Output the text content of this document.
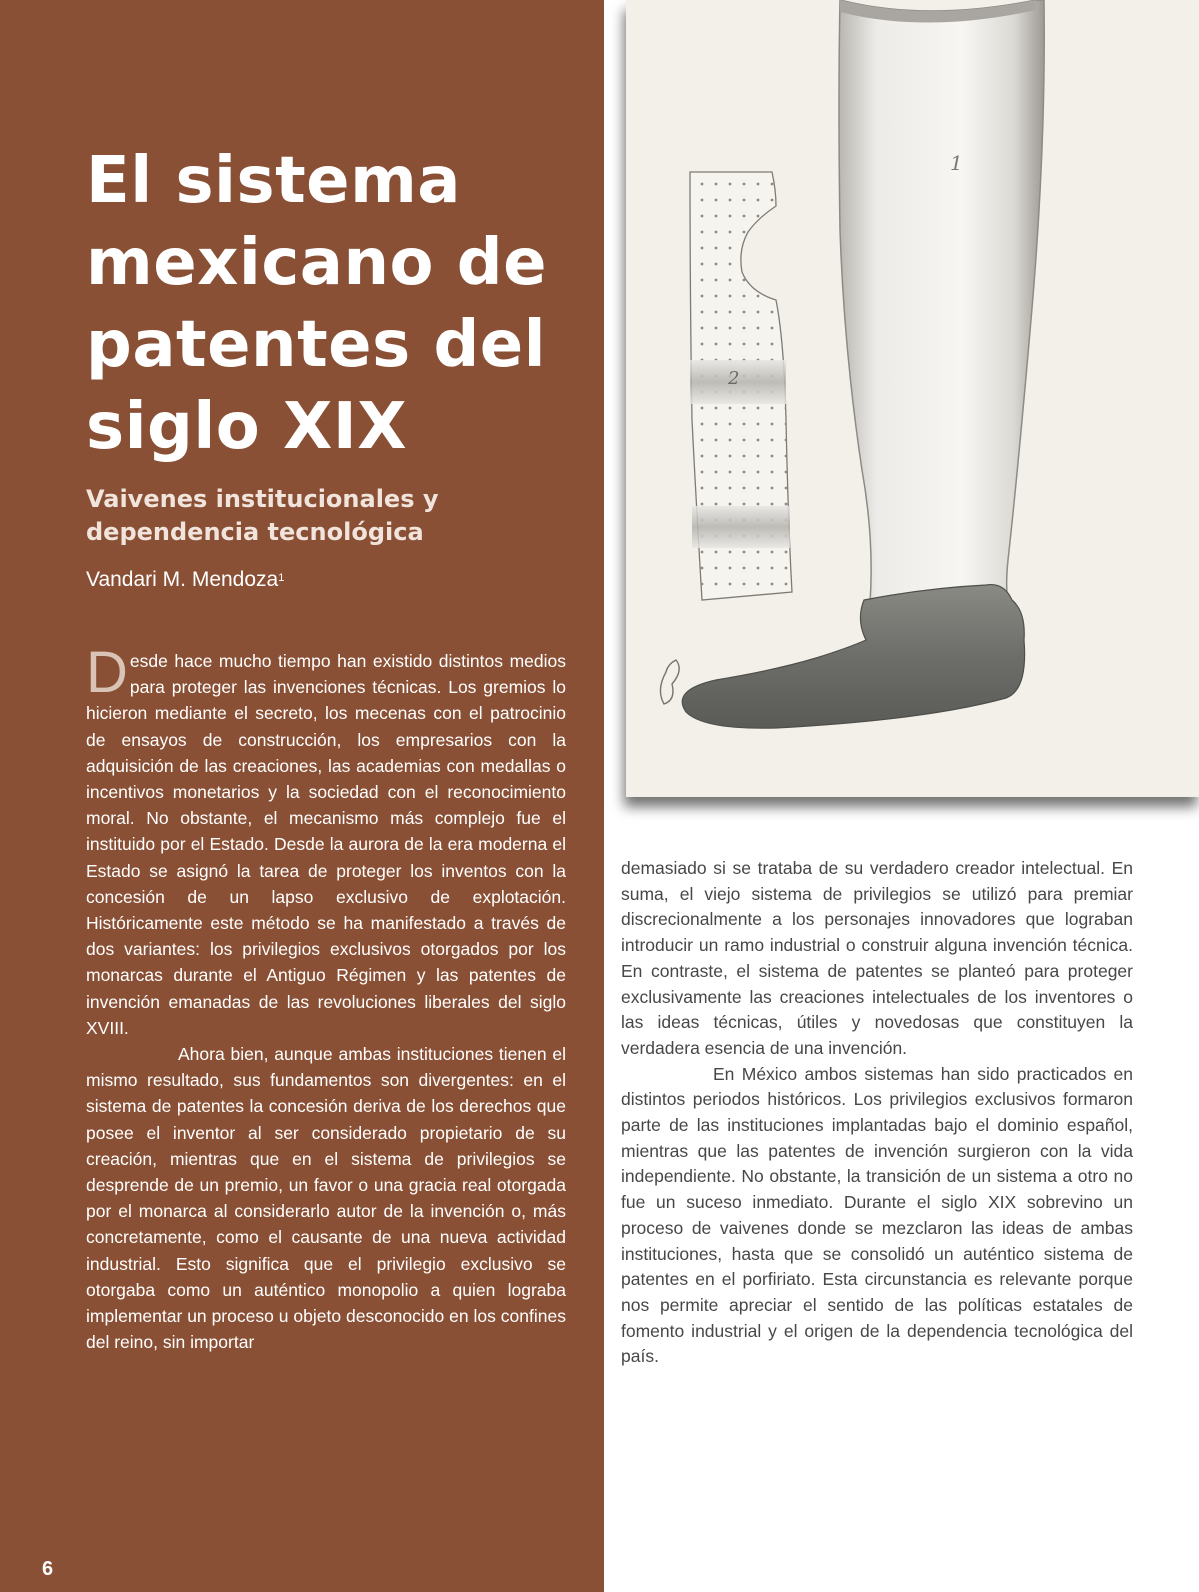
El sistema mexicano de patentes del siglo XIX
Vaivenes institucionales y dependencia tecnológica
Vandari M. Mendoza$^1$

Desde hace mucho tiempo han existido distintos medios para proteger las invenciones técnicas. Los gremios lo hicieron mediante el secreto, los mecenas con el patrocinio de ensayos de construcción, los empresarios con la adquisición de las creaciones, las academias con medallas o incentivos monetarios y la sociedad con el reconocimiento moral. No obstante, el mecanismo más complejo fue el instituido por el Estado. Desde la aurora de la era moderna el Estado se asignó la tarea de proteger los inventos con la concesión de un lapso exclusivo de explotación. Históricamente este método se ha manifestado a través de dos variantes: los privilegios exclusivos otorgados por los monarcas durante el Antiguo Régimen y las patentes de invención emanadas de las revoluciones liberales del siglo XVIII.

Ahora bien, aunque ambas instituciones tienen el mismo resultado, sus fundamentos son divergentes: en el sistema de patentes la concesión deriva de los derechos que posee el inventor al ser considerado propietario de su creación, mientras que en el sistema de privilegios se desprende de un premio, un favor o una gracia real otorgada por el monarca al considerarlo autor de la invención o, más concretamente, como el causante de una nueva actividad industrial. Esto significa que el privilegio exclusivo se otorgaba como un auténtico monopolio a quien lograba implementar un proceso u objeto desconocido en los confines del reino, sin importar

6
1
2

demasiado si se trataba de su verdadero creador intelectual. En suma, el viejo sistema de privilegios se utilizó para premiar discrecionalmente a los personajes innovadores que lograban introducir un ramo industrial o construir alguna invención técnica. En contraste, el sistema de patentes se planteó para proteger exclusivamente las creaciones intelectuales de los inventores o las ideas técnicas, útiles y novedosas que constituyen la verdadera esencia de una invención.

En México ambos sistemas han sido practicados en distintos periodos históricos. Los privilegios exclusivos formaron parte de las instituciones implantadas bajo el dominio español, mientras que las patentes de invención surgieron con la vida independiente. No obstante, la transición de un sistema a otro no fue un suceso inmediato. Durante el siglo XIX sobrevino un proceso de vaivenes donde se mezclaron las ideas de ambas instituciones, hasta que se consolidó un auténtico sistema de patentes en el porfiriato. Esta circunstancia es relevante porque nos permite apreciar el sentido de las políticas estatales de fomento industrial y el origen de la dependencia tecnológica del país.
